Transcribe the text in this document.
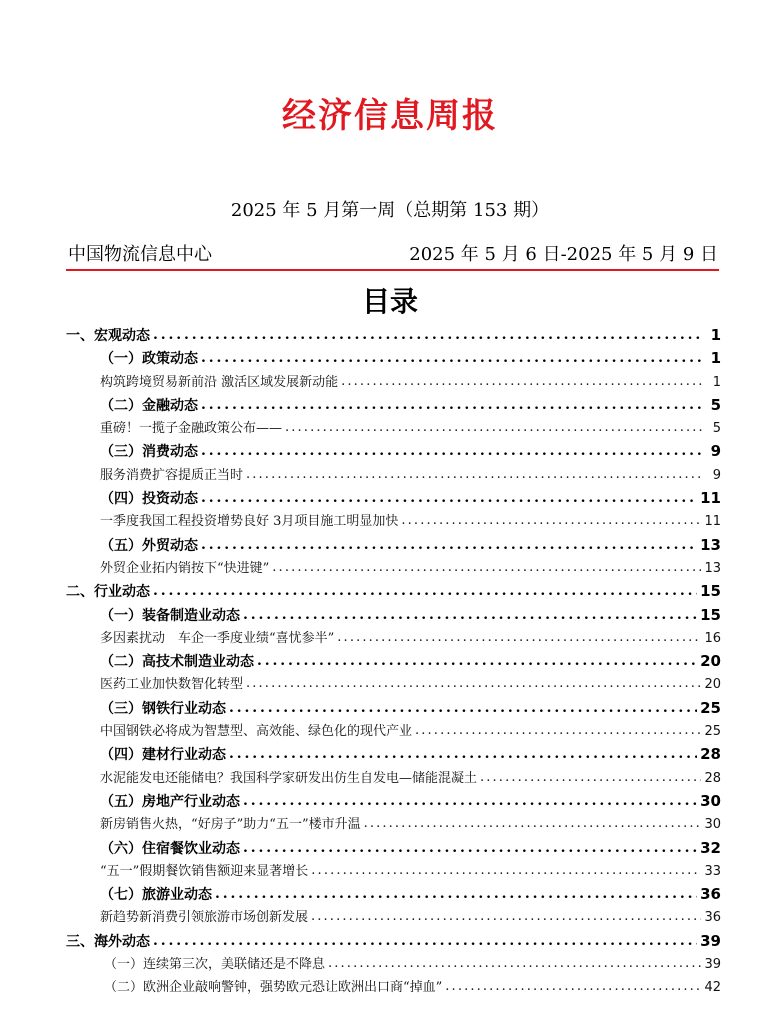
经济信息周报
2025 年 5 月第一周（总期第 153 期）
中国物流信息中心	2025 年 5 月 6 日-2025 年 5 月 9 日
目录
一、宏观动态 . . .	1
（一）政策动态 . . .	1
构筑跨境贸易新前沿 激活区域发展新动能 . . .	1
（二）金融动态 . . .	5
重磅！一揽子金融政策公布—— . . .	5
（三）消费动态 . . .	9
服务消费扩容提质正当时 . . .	9
（四）投资动态 . . .	11
一季度我国工程投资增势良好 3月项目施工明显加快 . . .	11
（五）外贸动态 . . .	13
外贸企业拓内销按下“快进键” . . .	13
二、行业动态 . . .	15
（一）装备制造业动态 . . .	15
多因素扰动　车企一季度业绩“喜忧参半” . . .	16
（二）高技术制造业动态 . . .	20
医药工业加快数智化转型 . . .	20
（三）钢铁行业动态 . . .	25
中国钢铁必将成为智慧型、高效能、绿色化的现代产业 . . .	25
（四）建材行业动态 . . .	28
水泥能发电还能储电？我国科学家研发出仿生自发电—储能混凝土 . . .	28
（五）房地产行业动态 . . .	30
新房销售火热，“好房子”助力“五一”楼市升温 . . .	30
（六）住宿餐饮业动态 . . .	32
“五一”假期餐饮销售额迎来显著增长 . . .	33
（七）旅游业动态 . . .	36
新趋势新消费引领旅游市场创新发展 . . .	36
三、海外动态 . . .	39
（一）连续第三次，美联储还是不降息 . . .	39
（二）欧洲企业敲响警钟，强势欧元恐让欧洲出口商“掉血” . . .	42
